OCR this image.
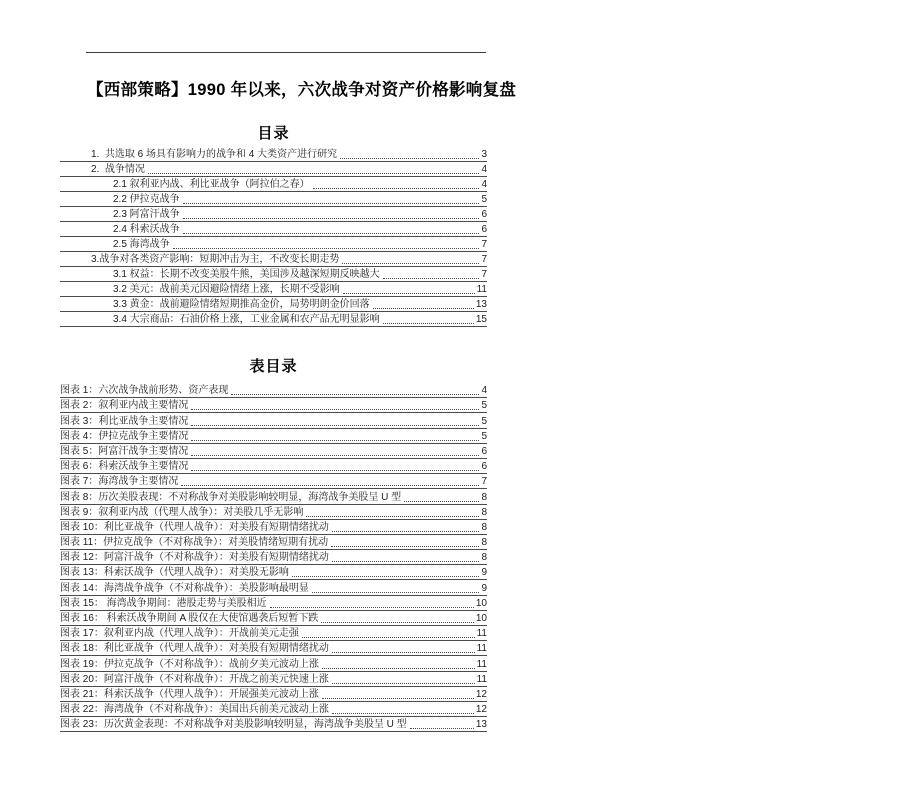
【西部策略】1990 年以来，六次战争对资产价格影响复盘
目录
1.  共选取 6 场具有影响力的战争和 4 大类资产进行研究	3
2.  战争情况	4
2.1 叙利亚内战、利比亚战争（阿拉伯之春）	4
2.2 伊拉克战争	5
2.3 阿富汗战争	6
2.4 科索沃战争	6
2.5 海湾战争	7
3.战争对各类资产影响：短期冲击为主，不改变长期走势	7
3.1 权益：长期不改变美股牛熊，美国涉及越深短期反映越大	7
3.2 美元：战前美元因避险情绪上涨，长期不受影响	11
3.3 黄金：战前避险情绪短期推高金价，局势明朗金价回落	13
3.4 大宗商品：石油价格上涨，工业金属和农产品无明显影响	15
表目录
图表 1：六次战争战前形势、资产表现	4
图表 2：叙利亚内战主要情况	5
图表 3：利比亚战争主要情况	5
图表 4：伊拉克战争主要情况	5
图表 5：阿富汗战争主要情况	6
图表 6：科索沃战争主要情况	6
图表 7：海湾战争主要情况	7
图表 8：历次美股表现：不对称战争对美股影响较明显，海湾战争美股呈 U 型	8
图表 9：叙利亚内战（代理人战争）：对美股几乎无影响	8
图表 10：利比亚战争（代理人战争）：对美股有短期情绪扰动	8
图表 11：伊拉克战争（不对称战争）：对美股情绪短期有扰动	8
图表 12：阿富汗战争（不对称战争）：对美股有短期情绪扰动	8
图表 13：科索沃战争（代理人战争）：对美股无影响	9
图表 14：海湾战争战争（不对称战争）：美股影响最明显	9
图表 15： 海湾战争期间：港股走势与美股相近	10
图表 16： 科索沃战争期间 A 股仅在大使馆遇袭后短暂下跌	10
图表 17：叙利亚内战（代理人战争）：开战前美元走强	11
图表 18：利比亚战争（代理人战争）：对美股有短期情绪扰动	11
图表 19：伊拉克战争（不对称战争）：战前夕美元波动上涨	11
图表 20：阿富汗战争（不对称战争）：开战之前美元快速上涨	11
图表 21：科索沃战争（代理人战争）：开展强美元波动上涨	12
图表 22：海湾战争（不对称战争）：美国出兵前美元波动上涨	12
图表 23：历次黄金表现：不对称战争对美股影响较明显，海湾战争美股呈 U 型	13
